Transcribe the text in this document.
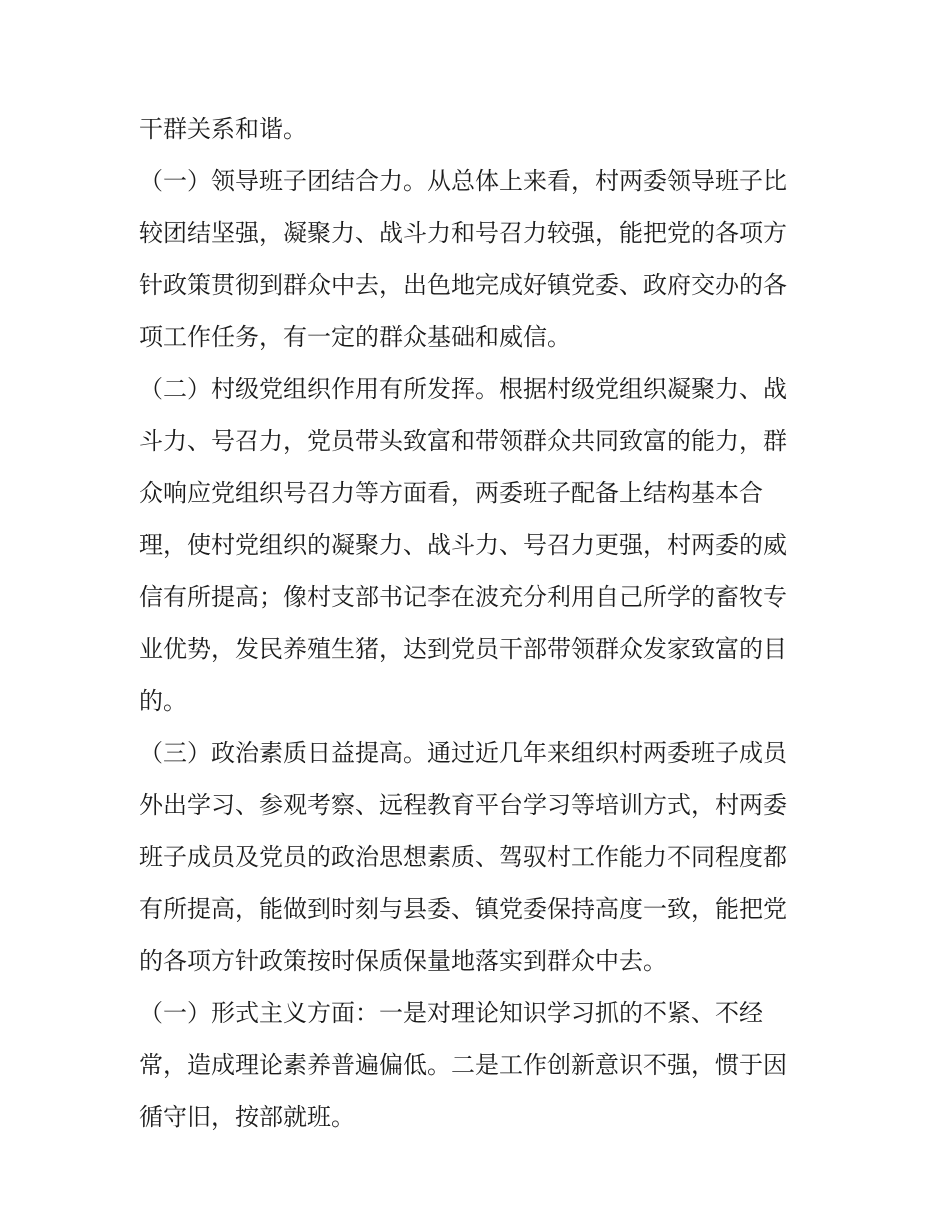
干群关系和谐。
（一）领导班子团结合力。从总体上来看，村两委领导班子比
较团结坚强，凝聚力、战斗力和号召力较强，能把党的各项方
针政策贯彻到群众中去，出色地完成好镇党委、政府交办的各
项工作任务，有一定的群众基础和威信。
（二）村级党组织作用有所发挥。根据村级党组织凝聚力、战
斗力、号召力，党员带头致富和带领群众共同致富的能力，群
众响应党组织号召力等方面看，两委班子配备上结构基本合
理，使村党组织的凝聚力、战斗力、号召力更强，村两委的威
信有所提高；像村支部书记李在波充分利用自己所学的畜牧专
业优势，发民养殖生猪，达到党员干部带领群众发家致富的目
的。
（三）政治素质日益提高。通过近几年来组织村两委班子成员
外出学习、参观考察、远程教育平台学习等培训方式，村两委
班子成员及党员的政治思想素质、驾驭村工作能力不同程度都
有所提高，能做到时刻与县委、镇党委保持高度一致，能把党
的各项方针政策按时保质保量地落实到群众中去。
（一）形式主义方面：一是对理论知识学习抓的不紧、不经
常，造成理论素养普遍偏低。二是工作创新意识不强，惯于因
循守旧，按部就班。
